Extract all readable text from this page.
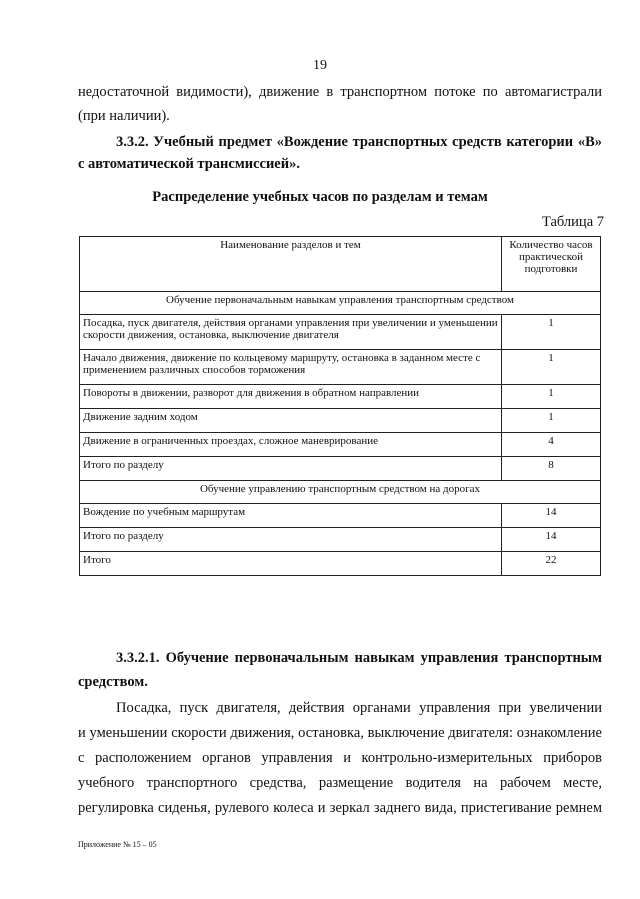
19
недостаточной видимости), движение в транспортном потоке по автомагистрали
(при наличии).
3.3.2. Учебный предмет «Вождение транспортных средств категории «В»
с автоматической трансмиссией».
Распределение учебных часов по разделам и темам
Таблица 7
Наименование разделов и тем	Количество часов практической подготовки
Обучение первоначальным навыкам управления транспортным средством	
Посадка, пуск двигателя, действия органами управления при увеличении и уменьшении скорости движения, остановка, выключение двигателя	1
Начало движения, движение по кольцевому маршруту, остановка в заданном месте с применением различных способов торможения	1
Повороты в движении, разворот для движения в обратном направлении	1
Движение задним ходом	1
Движение в ограниченных проездах, сложное маневрирование	4
Итого по разделу	8
Обучение управлению транспортным средством на дорогах	
Вождение по учебным маршрутам	14
Итого по разделу	14
Итого	22
3.3.2.1. Обучение первоначальным навыкам управления транспортным
средством.
Посадка, пуск двигателя, действия органами управления при увеличении
и уменьшении скорости движения, остановка, выключение двигателя: ознакомление
с расположением органов управления и контрольно-измерительных приборов
учебного транспортного средства, размещение водителя на рабочем месте,
регулировка сиденья, рулевого колеса и зеркал заднего вида, пристегивание ремнем
Приложение № 15 – 05
